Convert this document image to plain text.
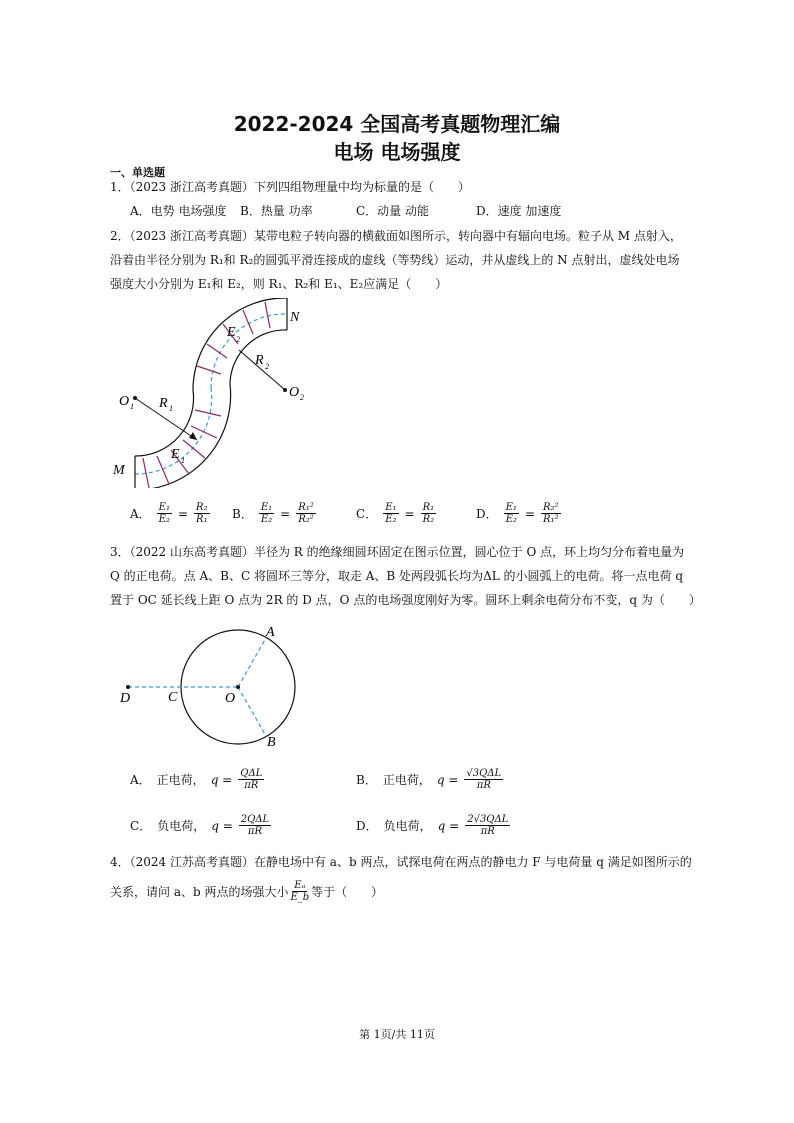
2022-2024 全国高考真题物理汇编
电场 电场强度
一、单选题
1．（2023 浙江高考真题）下列四组物理量中均为标量的是（　　）
A．电势 电场强度 B．热量 功率	C．动量 动能	D．速度 加速度
2．（2023 浙江高考真题）某带电粒子转向器的横截面如图所示，转向器中有辐向电场。粒子从 M 点射入，
沿着由半径分别为 R₁和 R₂的圆弧平滑连接成的虚线（等势线）运动，并从虚线上的 N 点射出，虚线处电场
强度大小分别为 E₁和 E₂，则 R₁、R₂和 E₁、E₂应满足（　　）
N
M
O 1
O 2
R 1
R 2
E 1
E 2
A． $\frac{\text{E₁}}{\text{E₂}} = \frac{\text{R₂}}{\text{R₁}}$ B． $\frac{\text{E₁}}{\text{E₂}} = \frac{\text{R₁²}}{\text{R₂²}}$	C． $\frac{\text{E₁}}{\text{E₂}} = \frac{\text{R₁}}{\text{R₂}}$	D． $\frac{\text{E₁}}{\text{E₂}} = \frac{\text{R₂²}}{\text{R₁²}}$
3．（2022 山东高考真题）半径为 R 的绝缘细圆环固定在图示位置，圆心位于 O 点，环上均匀分布着电量为
Q 的正电荷。点 A、B、C 将圆环三等分，取走 A、B 处两段弧长均为ΔL 的小圆弧上的电荷。将一点电荷 q
置于 OC 延长线上距 O 点为 2R 的 D 点，O 点的电场强度刚好为零。圆环上剩余电荷分布不变，q 为（　　）
A
B
C
D	O
A． 正电荷， $q = \frac{\text{QΔL}}{\pi R}$	B． 正电荷， $q = \frac{\text{√3QΔL}}{\pi R}$
C． 负电荷， $q = \frac{\text{2QΔL}}{\pi R}$	D． 负电荷， $q = \frac{\text{2√3QΔL}}{\pi R}$
4．（2024 江苏高考真题）在静电场中有 a、b 两点，试探电荷在两点的静电力 F 与电荷量 q 满足如图所示的
关系，请问 a、b 两点的场强大小 $\frac{\text{Eₐ}}{E\_b}$ 等于（　　）
第 1页/共 11页
